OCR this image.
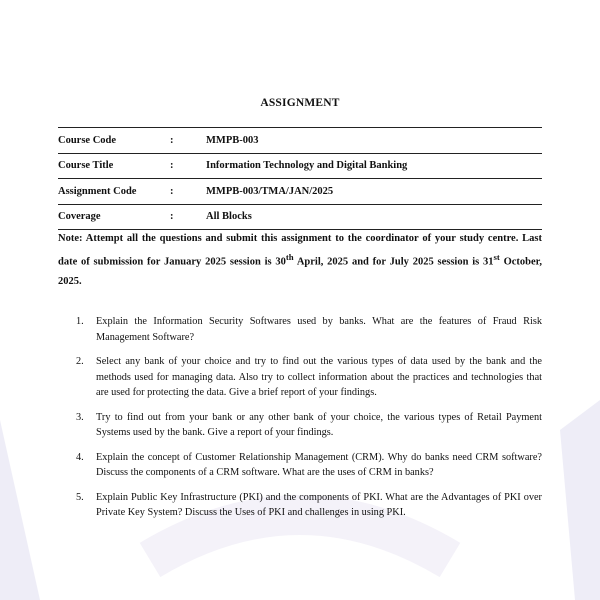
ASSIGNMENT
Course Code	:	MMPB-003
Course Title	:	Information Technology and Digital Banking
Assignment Code	:	MMPB-003/TMA/JAN/2025
Coverage	:	All Blocks
Note: Attempt all the questions and submit this assignment to the coordinator of your study centre. Last date of submission for January 2025 session is 30th April, 2025 and for July 2025 session is 31st October, 2025.
1.	Explain the Information Security Softwares used by banks. What are the features of Fraud Risk Management Software?
2.	Select any bank of your choice and try to find out the various types of data used by the bank and the methods used for managing data. Also try to collect information about the practices and technologies that are used for protecting the data. Give a brief report of your findings.
3.	Try to find out from your bank or any other bank of your choice, the various types of Retail Payment Systems used by the bank. Give a report of your findings.
4.	Explain the concept of Customer Relationship Management (CRM). Why do banks need CRM software? Discuss the components of a CRM software. What are the uses of CRM in banks?
5.	Explain Public Key Infrastructure (PKI) and the components of PKI. What are the Advantages of PKI over Private Key System? Discuss the Uses of PKI and challenges in using PKI.
